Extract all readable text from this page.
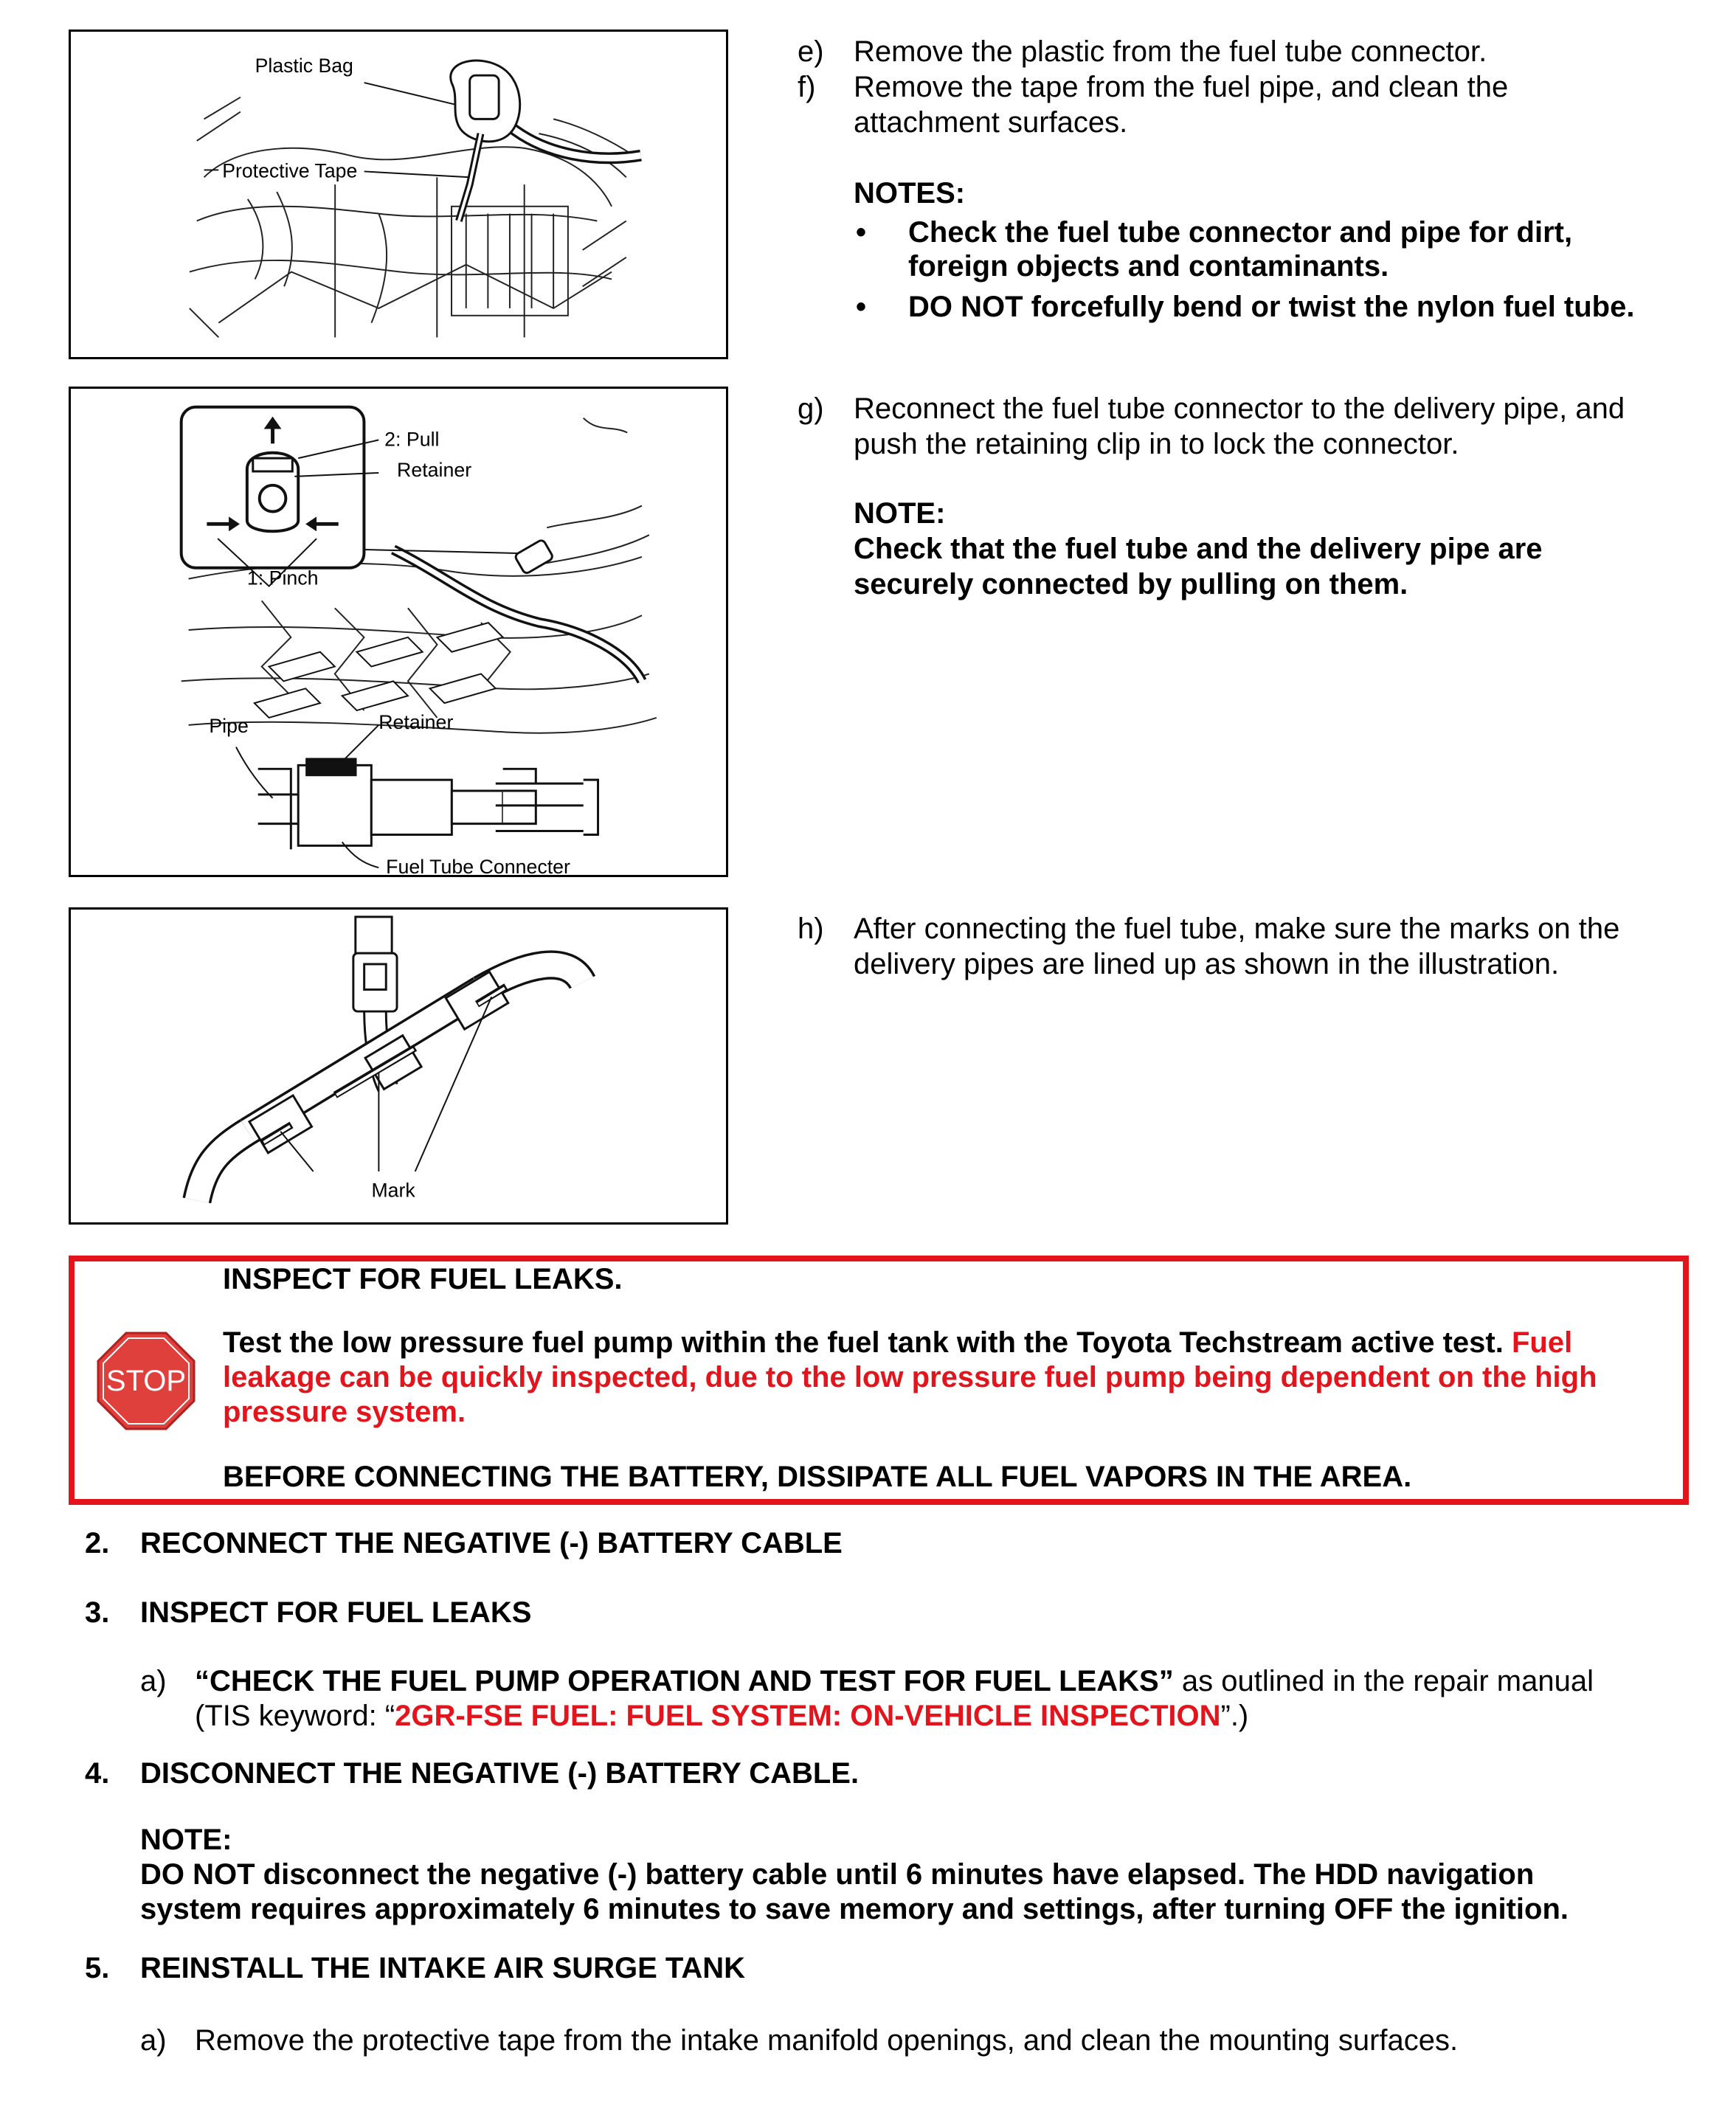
Plastic Bag
Protective Tape
2: Pull
Retainer
1: Pinch
Pipe	Retainer
Fuel Tube Connecter
Mark
e) Remove the plastic from the fuel tube connector.
f) Remove the tape from the fuel pipe, and clean the
attachment surfaces.
NOTES:
• Check the fuel tube connector and pipe for dirt,
foreign objects and contaminants.
• DO NOT forcefully bend or twist the nylon fuel tube.
g) Reconnect the fuel tube connector to the delivery pipe, and
push the retaining clip in to lock the connector.
NOTE:
Check that the fuel tube and the delivery pipe are
securely connected by pulling on them.
h) After connecting the fuel tube, make sure the marks on the
delivery pipes are lined up as shown in the illustration.
STOP
INSPECT FOR FUEL LEAKS.
Test the low pressure fuel pump within the fuel tank with the Toyota Techstream active test. Fuel
leakage can be quickly inspected, due to the low pressure fuel pump being dependent on the high
pressure system.
BEFORE CONNECTING THE BATTERY, DISSIPATE ALL FUEL VAPORS IN THE AREA.
2. RECONNECT THE NEGATIVE (-) BATTERY CABLE
3. INSPECT FOR FUEL LEAKS
a) “CHECK THE FUEL PUMP OPERATION AND TEST FOR FUEL LEAKS” as outlined in the repair manual
(TIS keyword: “2GR-FSE FUEL: FUEL SYSTEM: ON-VEHICLE INSPECTION”.)
4. DISCONNECT THE NEGATIVE (-) BATTERY CABLE.
NOTE:
DO NOT disconnect the negative (-) battery cable until 6 minutes have elapsed. The HDD navigation
system requires approximately 6 minutes to save memory and settings, after turning OFF the ignition.
5. REINSTALL THE INTAKE AIR SURGE TANK
a) Remove the protective tape from the intake manifold openings, and clean the mounting surfaces.
